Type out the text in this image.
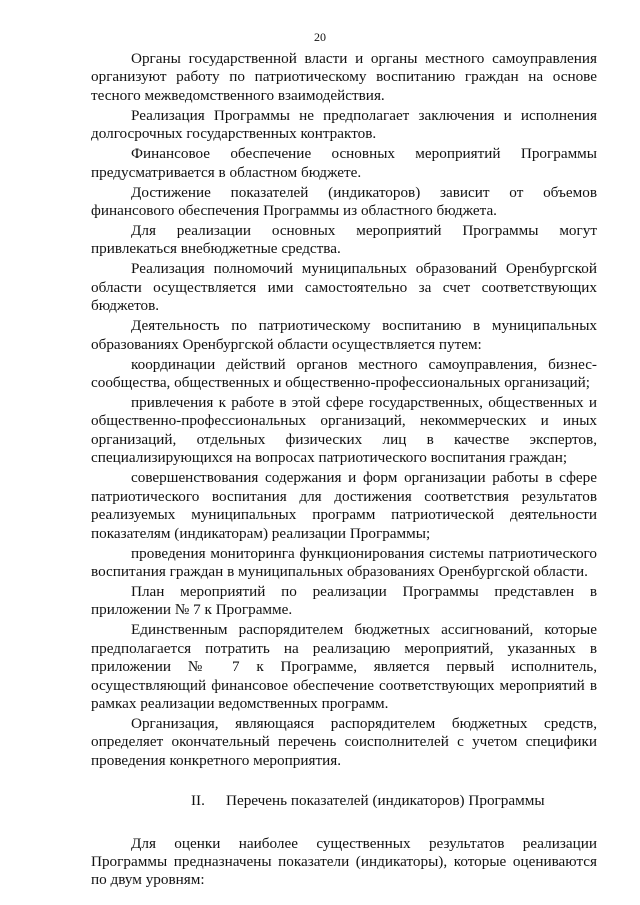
20

Органы государственной власти и органы местного самоуправления организуют работу по патриотическому воспитанию граждан на основе тесного межведомственного взаимодействия.

Реализация Программы не предполагает заключения и исполнения долгосрочных государственных контрактов.

Финансовое обеспечение основных мероприятий Программы предусматривается в областном бюджете.

Достижение показателей (индикаторов) зависит от объемов финансового обеспечения Программы из областного бюджета.

Для реализации основных мероприятий Программы могут привлекаться внебюджетные средства.

Реализация полномочий муниципальных образований Оренбургской области осуществляется ими самостоятельно за счет соответствующих бюджетов.

Деятельность по патриотическому воспитанию в муниципальных образованиях Оренбургской области осуществляется путем:

координации действий органов местного самоуправления, бизнес-сообщества, общественных и общественно-профессиональных организаций;

привлечения к работе в этой сфере государственных, общественных и общественно-профессиональных организаций, некоммерческих и иных организаций, отдельных физических лиц в качестве экспертов, специализирующихся на вопросах патриотического воспитания граждан;

совершенствования содержания и форм организации работы в сфере патриотического воспитания для достижения соответствия результатов реализуемых муниципальных программ патриотической деятельности показателям (индикаторам) реализации Программы;

проведения мониторинга функционирования системы патриотического воспитания граждан в муниципальных образованиях Оренбургской области.

План мероприятий по реализации Программы представлен в приложении № 7 к Программе.

Единственным распорядителем бюджетных ассигнований, которые предполагается потратить на реализацию мероприятий, указанных в приложении № 7 к Программе, является первый исполнитель, осуществляющий финансовое обеспечение соответствующих мероприятий в рамках реализации ведомственных программ.

Организация, являющаяся распорядителем бюджетных средств, определяет окончательный перечень соисполнителей с учетом специфики проведения конкретного мероприятия.

II. Перечень показателей (индикаторов) Программы

Для оценки наиболее существенных результатов реализации Программы предназначены показатели (индикаторы), которые оцениваются по двум уровням:
